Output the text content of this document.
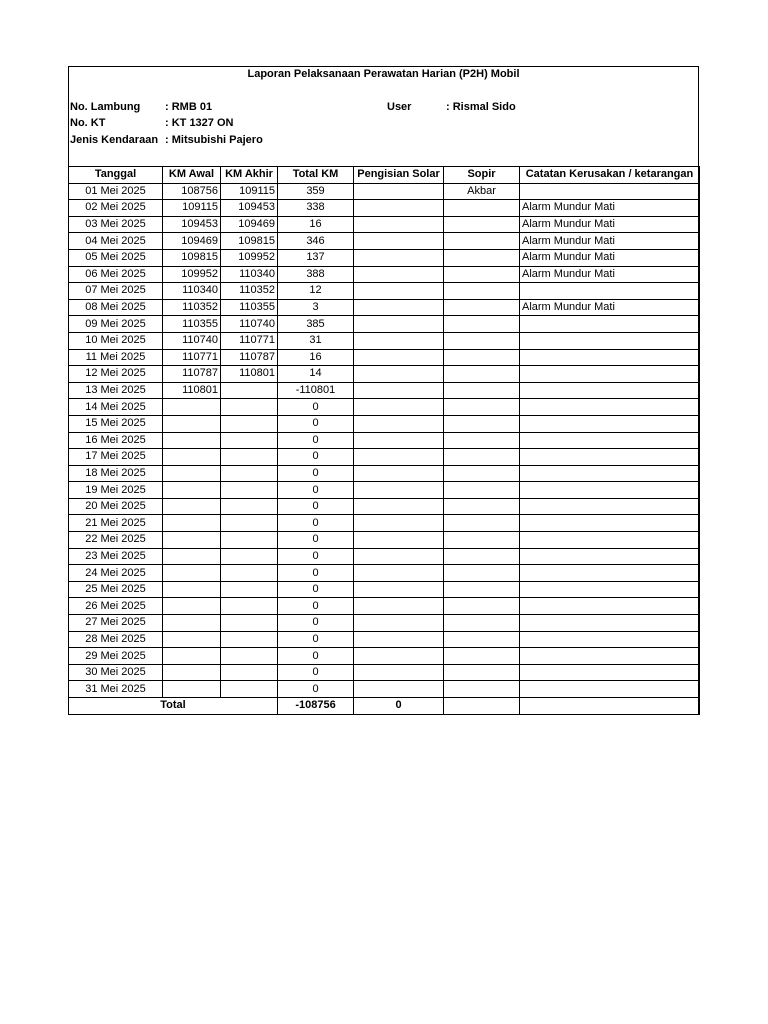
Laporan Pelaksanaan Perawatan Harian (P2H) Mobil
No. Lambung : RMB 01	User	: Rismal Sido
No. KT	: KT 1327 ON
Jenis Kendaraan : Mitsubishi Pajero
Tanggal	KM Awal	KM Akhir	Total KM	Pengisian Solar	Sopir	Catatan Kerusakan / ketarangan
01 Mei 2025	108756	109115	359		Akbar	
02 Mei 2025	109115	109453	338			Alarm Mundur Mati
03 Mei 2025	109453	109469	16			Alarm Mundur Mati
04 Mei 2025	109469	109815	346			Alarm Mundur Mati
05 Mei 2025	109815	109952	137			Alarm Mundur Mati
06 Mei 2025	109952	110340	388			Alarm Mundur Mati
07 Mei 2025	110340	110352	12			
08 Mei 2025	110352	110355	3			Alarm Mundur Mati
09 Mei 2025	110355	110740	385			
10 Mei 2025	110740	110771	31			
11 Mei 2025	110771	110787	16			
12 Mei 2025	110787	110801	14			
13 Mei 2025	110801		-110801			
14 Mei 2025			0			
15 Mei 2025			0			
16 Mei 2025			0			
17 Mei 2025			0			
18 Mei 2025			0			
19 Mei 2025			0			
20 Mei 2025			0			
21 Mei 2025			0			
22 Mei 2025			0			
23 Mei 2025			0			
24 Mei 2025			0			
25 Mei 2025			0			
26 Mei 2025			0			
27 Mei 2025			0			
28 Mei 2025			0			
29 Mei 2025			0			
30 Mei 2025			0			
31 Mei 2025			0			
Total			-108756	0		
